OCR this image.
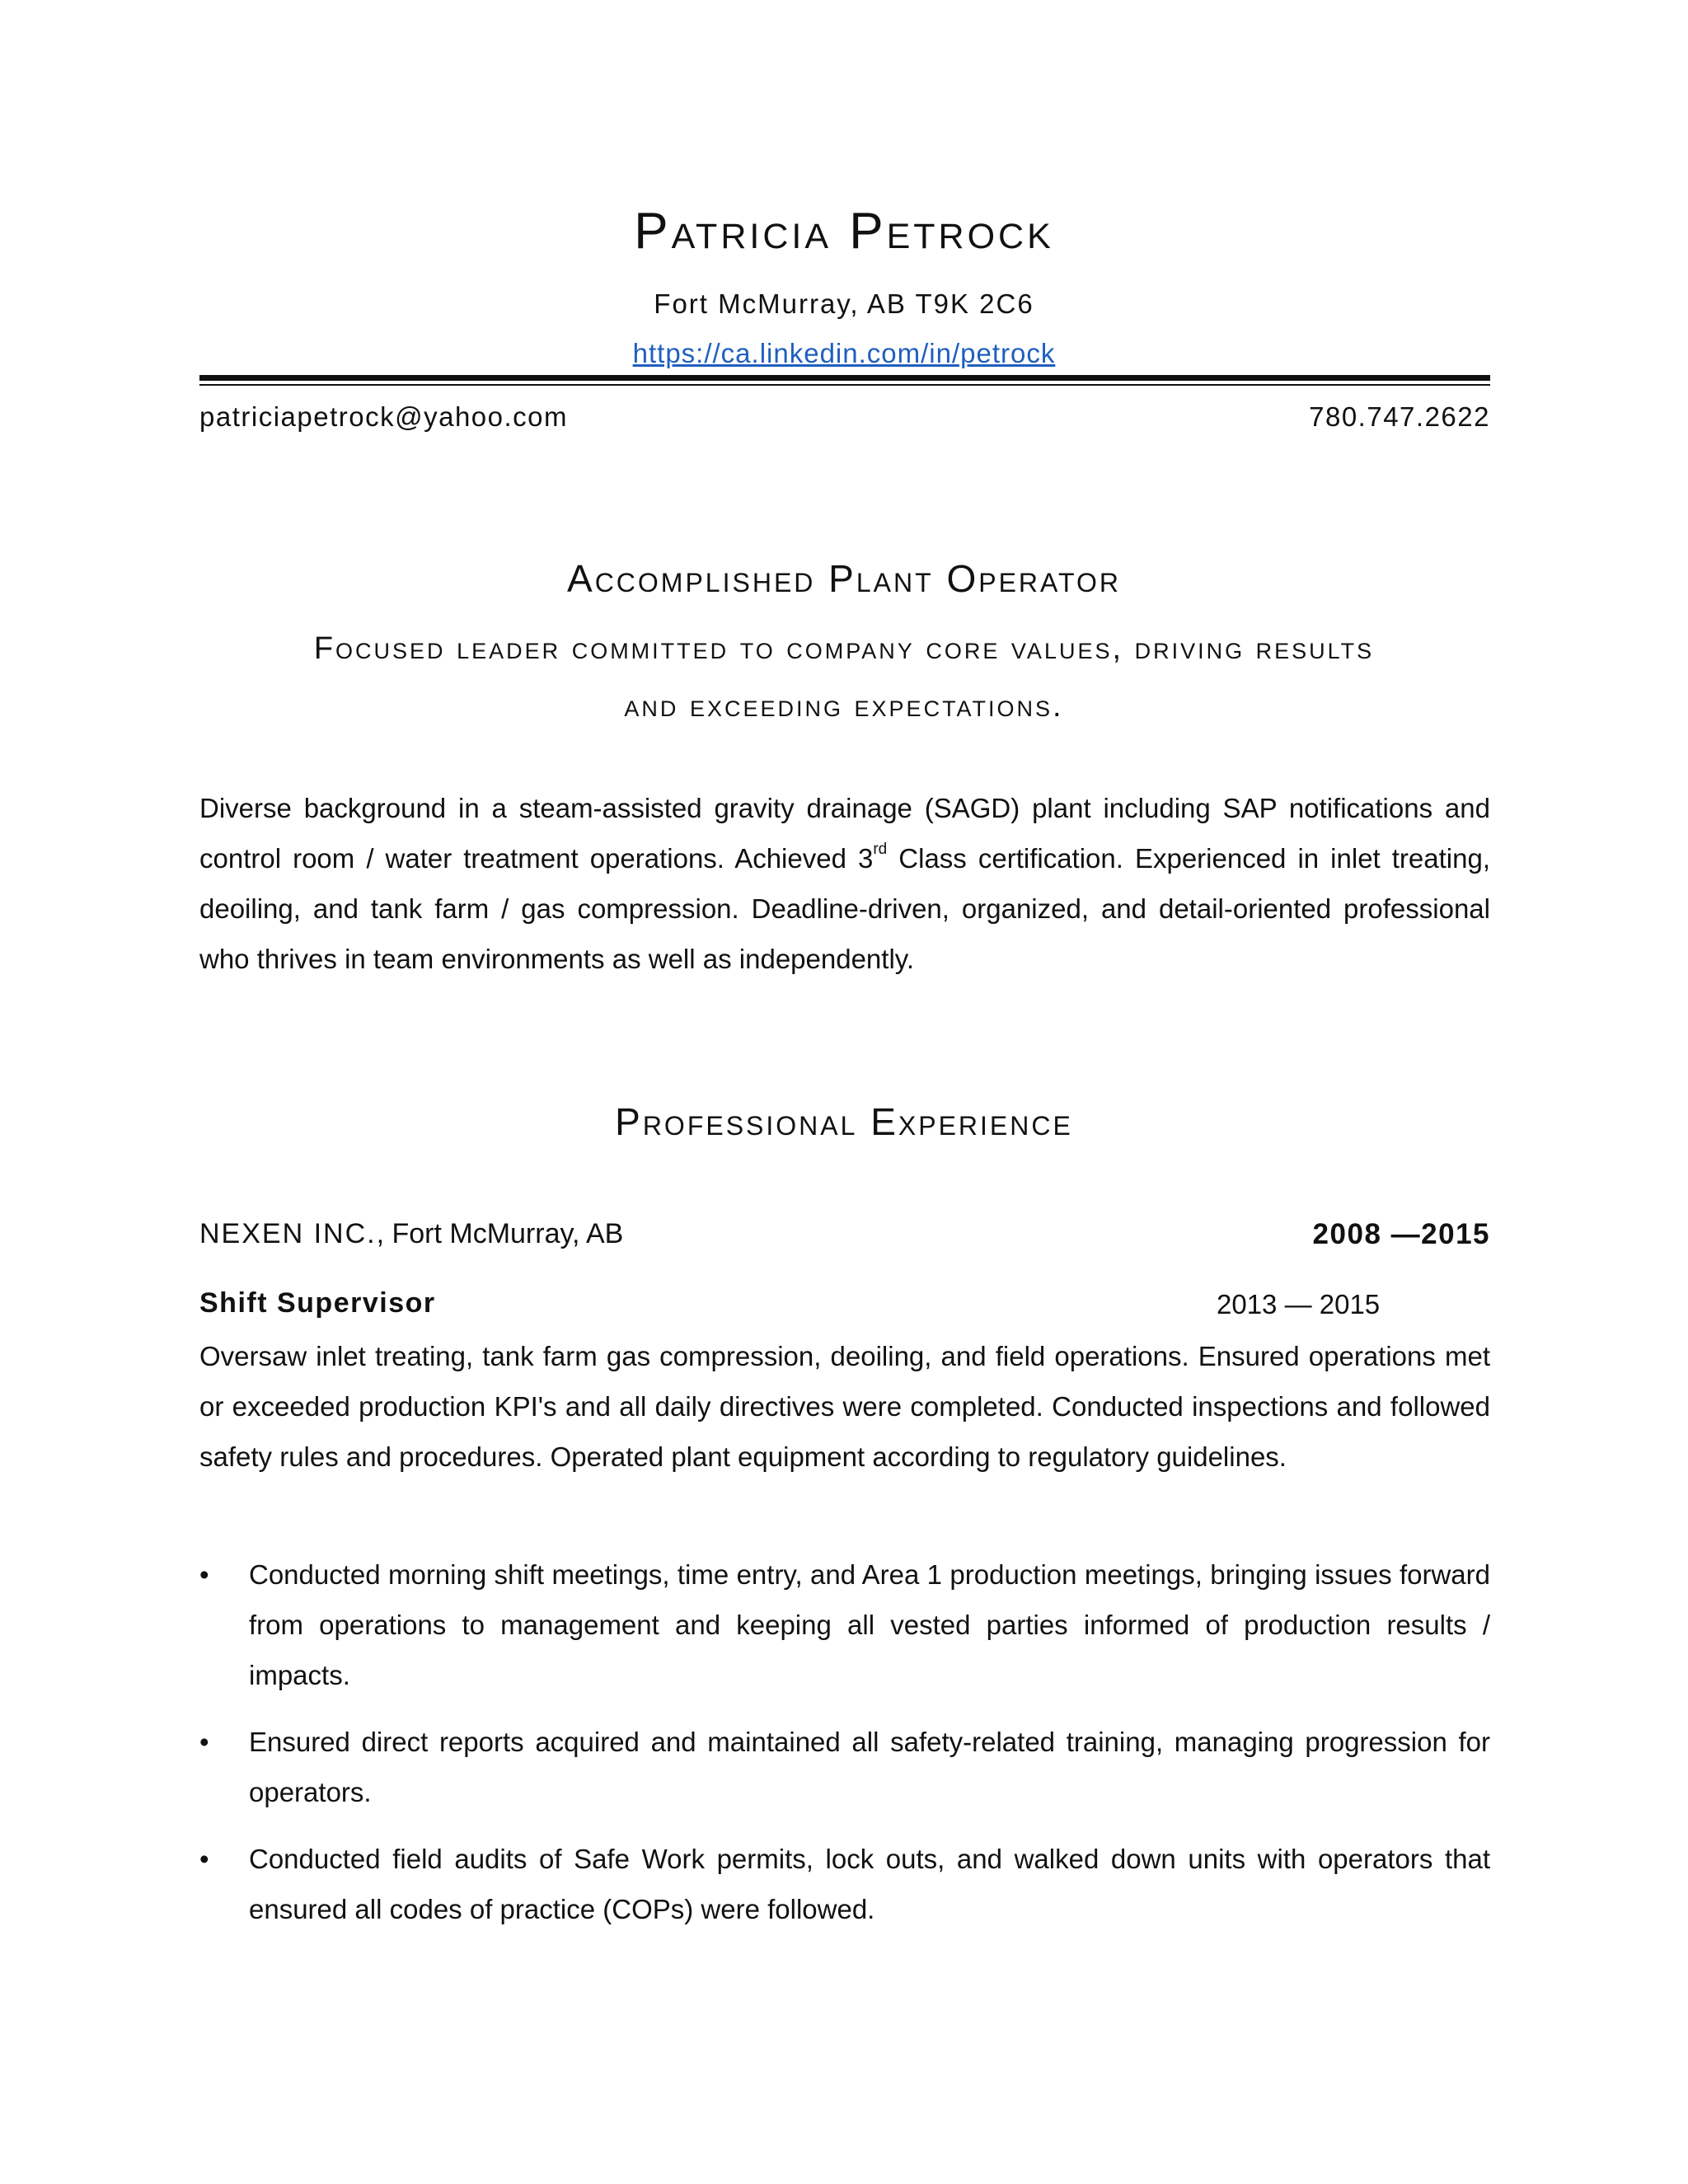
Patricia Petrock
Fort McMurray, AB T9K 2C6
https://ca.linkedin.com/in/petrock
patriciapetrock@yahoo.com	780.747.2622
Accomplished Plant Operator
Focused leader committed to company core values, driving results
and exceeding expectations.
Diverse background in a steam-assisted gravity drainage (SAGD) plant including SAP notifications and control room / water treatment operations. Achieved 3rd Class certification. Experienced in inlet treating, deoiling, and tank farm / gas compression. Deadline-driven, organized, and detail-oriented professional who thrives in team environments as well as independently.
Professional Experience
NEXEN INC., Fort McMurray, AB	2008 —2015
Shift Supervisor	2013 — 2015
Oversaw inlet treating, tank farm gas compression, deoiling, and field operations. Ensured operations met or exceeded production KPI's and all daily directives were completed. Conducted inspections and followed safety rules and procedures. Operated plant equipment according to regulatory guidelines.
• Conducted morning shift meetings, time entry, and Area 1 production meetings, bringing issues forward from operations to management and keeping all vested parties informed of production results / impacts.
• Ensured direct reports acquired and maintained all safety-related training, managing progression for operators.
• Conducted field audits of Safe Work permits, lock outs, and walked down units with operators that ensured all codes of practice (COPs) were followed.
